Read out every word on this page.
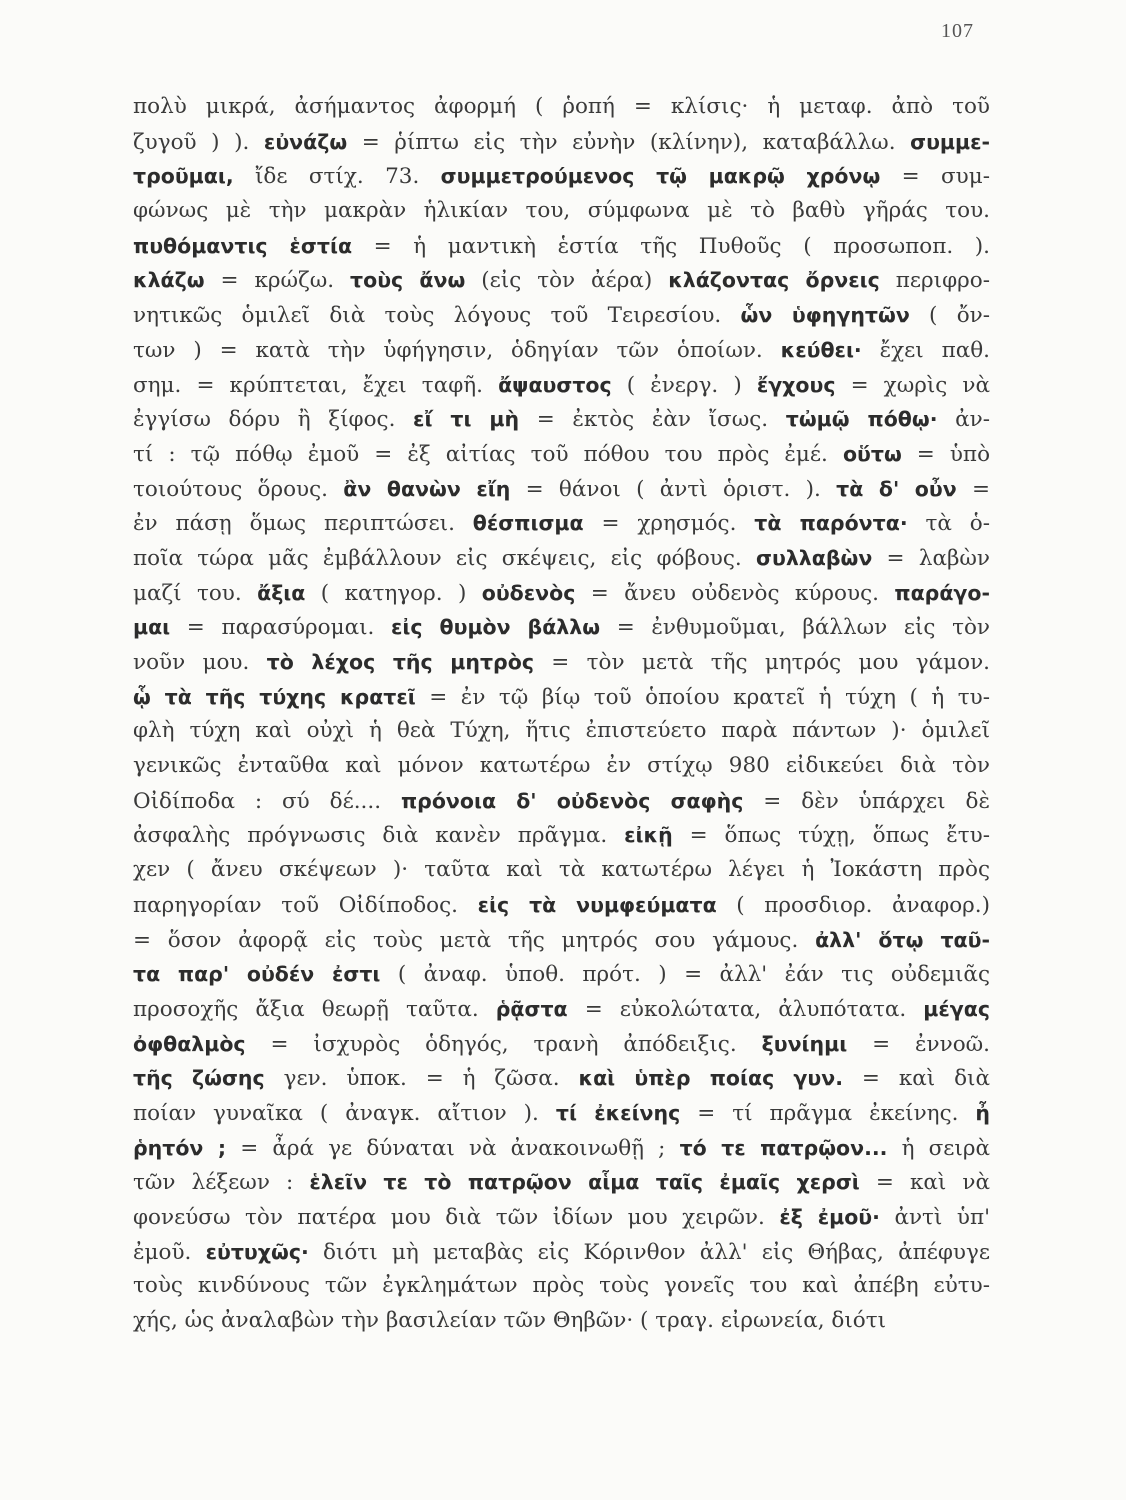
107
πολὺ μικρά, ἀσήμαντος ἀφορμή ( ῥοπή = κλίσις· ἡ μεταφ. ἀπὸ τοῦ
ζυγοῦ ) ). εὐνάζω = ῥίπτω εἰς τὴν εὐνὴν (κλίνην), καταβάλλω. συμμε-
τροῦμαι, ἴδε στίχ. 73. συμμετρούμενος τῷ μακρῷ χρόνῳ = συμ-
φώνως μὲ τὴν μακρὰν ἡλικίαν του, σύμφωνα μὲ τὸ βαθὺ γῆράς του.
πυθόμαντις ἑστία = ἡ μαντικὴ ἑστία τῆς Πυθοῦς ( προσωποπ. ).
κλάζω = κρώζω. τοὺς ἄνω (εἰς τὸν ἀέρα) κλάζοντας ὄρνεις περιφρο-
νητικῶς ὁμιλεῖ διὰ τοὺς λόγους τοῦ Τειρεσίου. ὧν ὑφηγητῶν ( ὄν-
των ) = κατὰ τὴν ὑφήγησιν, ὁδηγίαν τῶν ὁποίων. κεύθει· ἔχει παθ.
σημ. = κρύπτεται, ἔχει ταφῆ. ἄψαυστος ( ἐνεργ. ) ἔγχους = χωρὶς νὰ
ἐγγίσω δόρυ ἢ ξίφος. εἴ τι μὴ = ἐκτὸς ἐὰν ἴσως. τὠμῷ πόθῳ· ἀν-
τί : τῷ πόθῳ ἐμοῦ = ἐξ αἰτίας τοῦ πόθου του πρὸς ἐμέ. οὕτω = ὑπὸ
τοιούτους ὅρους. ἂν θανὼν εἴη = θάνοι ( ἀντὶ ὁριστ. ). τὰ δ' οὖν =
ἐν πάσῃ ὅμως περιπτώσει. θέσπισμα = χρησμός. τὰ παρόντα· τὰ ὁ-
ποῖα τώρα μᾶς ἐμβάλλουν εἰς σκέψεις, εἰς φόβους. συλλαβὼν = λαβὼν
μαζί του. ἄξια ( κατηγορ. ) οὐδενὸς = ἄνευ οὐδενὸς κύρους. παράγο-
μαι = παρασύρομαι. εἰς θυμὸν βάλλω = ἐνθυμοῦμαι, βάλλων εἰς τὸν
νοῦν μου. τὸ λέχος τῆς μητρὸς = τὸν μετὰ τῆς μητρός μου γάμον.
ᾧ τὰ τῆς τύχης κρατεῖ = ἐν τῷ βίῳ τοῦ ὁποίου κρατεῖ ἡ τύχη ( ἡ τυ-
φλὴ τύχη καὶ οὐχὶ ἡ θεὰ Τύχη, ἥτις ἐπιστεύετο παρὰ πάντων )· ὁμιλεῖ
γενικῶς ἐνταῦθα καὶ μόνον κατωτέρω ἐν στίχῳ 980 εἰδικεύει διὰ τὸν
Οἰδίποδα : σύ δέ.... πρόνοια δ' οὐδενὸς σαφὴς = δὲν ὑπάρχει δὲ
ἀσφαλὴς πρόγνωσις διὰ κανὲν πρᾶγμα. εἰκῇ = ὅπως τύχῃ, ὅπως ἔτυ-
χεν ( ἄνευ σκέψεων )· ταῦτα καὶ τὰ κατωτέρω λέγει ἡ Ἰοκάστη πρὸς
παρηγορίαν τοῦ Οἰδίποδος. εἰς τὰ νυμφεύματα ( προσδιορ. ἀναφορ.)
= ὅσον ἀφορᾷ εἰς τοὺς μετὰ τῆς μητρός σου γάμους. ἀλλ' ὅτῳ ταῦ-
τα παρ' οὐδέν ἐστι ( ἀναφ. ὑποθ. πρότ. ) = ἀλλ' ἐάν τις οὐδεμιᾶς
προσοχῆς ἄξια θεωρῇ ταῦτα. ῥᾷστα = εὐκολώτατα, ἀλυπότατα. μέγας
ὀφθαλμὸς = ἰσχυρὸς ὁδηγός, τρανὴ ἀπόδειξις. ξυνίημι = ἐννοῶ.
τῆς ζώσης γεν. ὑποκ. = ἡ ζῶσα. καὶ ὑπὲρ ποίας γυν. = καὶ διὰ
ποίαν γυναῖκα ( ἀναγκ. αἴτιον ). τί ἐκείνης = τί πρᾶγμα ἐκείνης. ἦ
ῥητόν ; = ἆρά γε δύναται νὰ ἀνακοινωθῇ ; τό τε πατρῷον... ἡ σειρὰ
τῶν λέξεων : ἑλεῖν τε τὸ πατρῷον αἷμα ταῖς ἐμαῖς χερσὶ = καὶ νὰ
φονεύσω τὸν πατέρα μου διὰ τῶν ἰδίων μου χειρῶν. ἐξ ἐμοῦ· ἀντὶ ὑπ'
ἐμοῦ. εὐτυχῶς· διότι μὴ μεταβὰς εἰς Κόρινθον ἀλλ' εἰς Θήβας, ἀπέφυγε
τοὺς κινδύνους τῶν ἐγκλημάτων πρὸς τοὺς γονεῖς του καὶ ἀπέβη εὐτυ-
χής, ὡς ἀναλαβὼν τὴν βασιλείαν τῶν Θηβῶν· ( τραγ. εἰρωνεία, διότι
